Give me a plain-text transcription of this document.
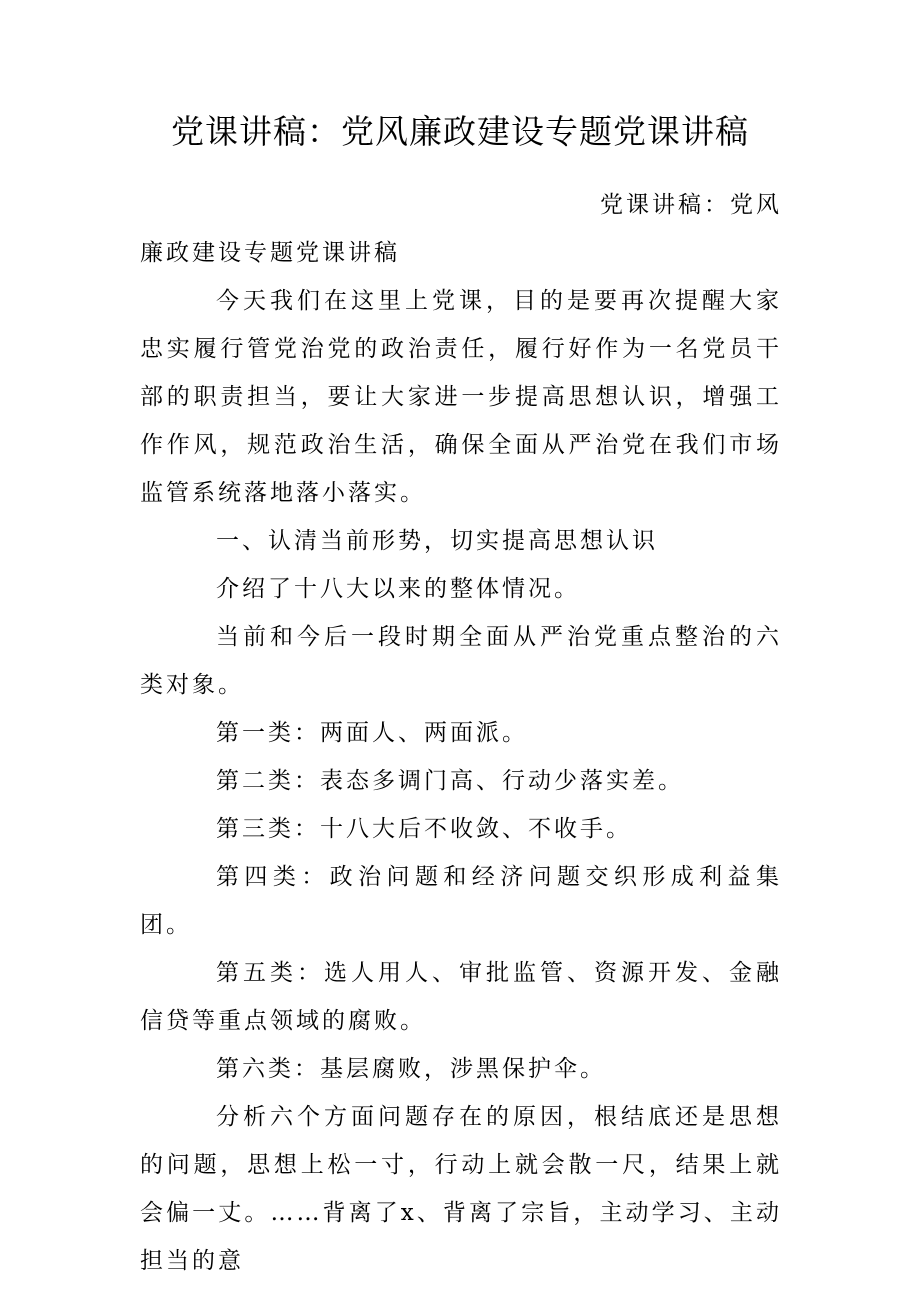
党课讲稿：党风廉政建设专题党课讲稿

党课讲稿：党风

廉政建设专题党课讲稿

今天我们在这里上党课，目的是要再次提醒大家忠实履行管党治党的政治责任，履行好作为一名党员干部的职责担当，要让大家进一步提高思想认识，增强工作作风，规范政治生活，确保全面从严治党在我们市场监管系统落地落小落实。

一、认清当前形势，切实提高思想认识

介绍了十八大以来的整体情况。

当前和今后一段时期全面从严治党重点整治的六类对象。

第一类：两面人、两面派。

第二类：表态多调门高、行动少落实差。

第三类：十八大后不收敛、不收手。

第四类：政治问题和经济问题交织形成利益集团。

第五类：选人用人、审批监管、资源开发、金融信贷等重点领域的腐败。

第六类：基层腐败，涉黑保护伞。

分析六个方面问题存在的原因，根结底还是思想的问题，思想上松一寸，行动上就会散一尺，结果上就会偏一丈。……背离了x、背离了宗旨，主动学习、主动担当的意
